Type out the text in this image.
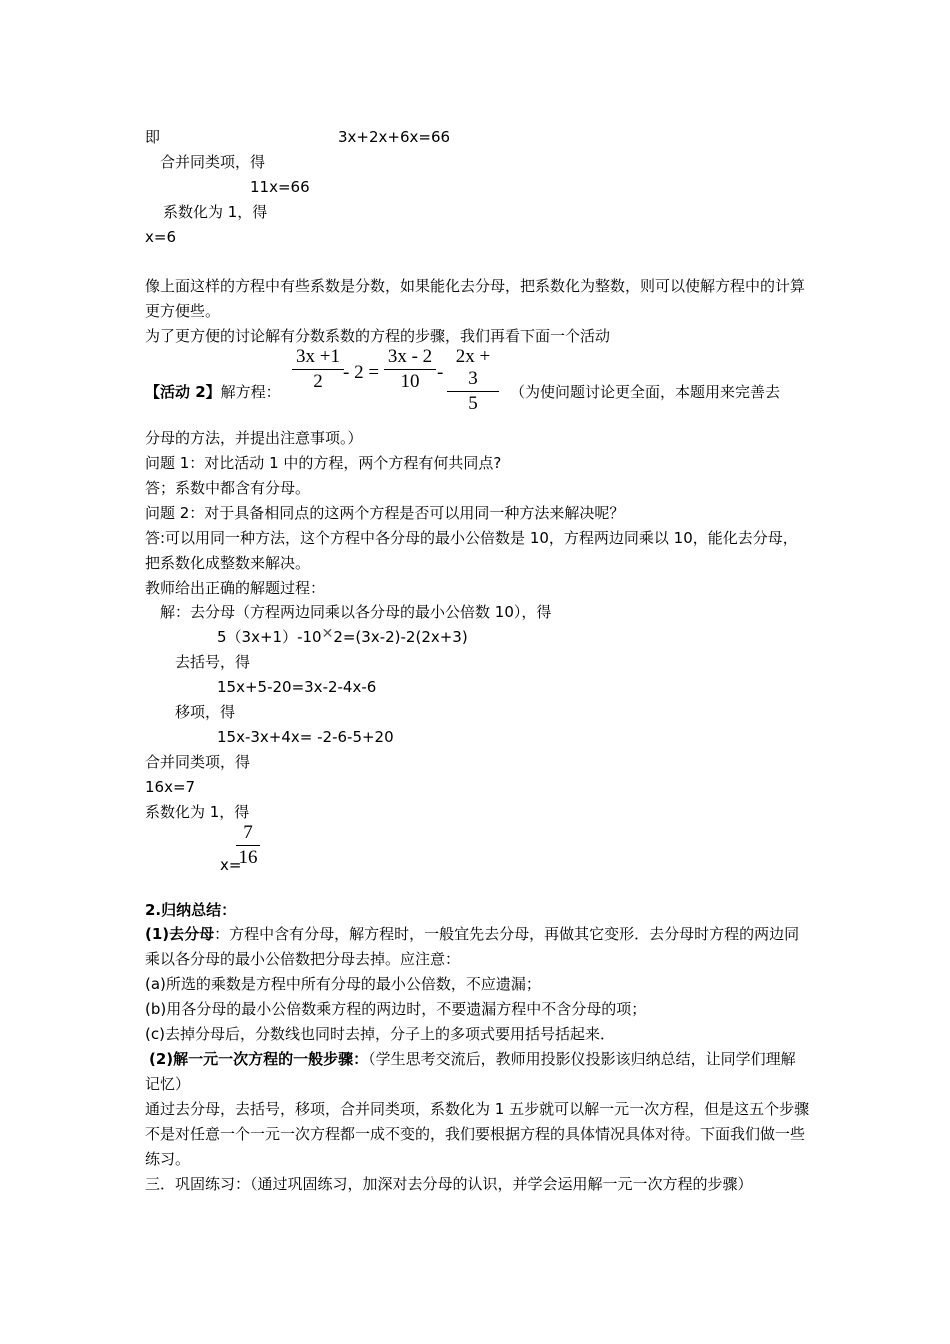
即	3x+2x+6x=66
合并同类项，得
11x=66
系数化为 1，得
x=6
像上面这样的方程中有些系数是分数，如果能化去分母，把系数化为整数，则可以使解方程中的计算更方便些。
为了更方便的讨论解有分数系数的方程的步骤，我们再看下面一个活动
【活动 2】解方程：	（为使问题讨论更全面，本题用来完善去
3x +1
2	- 2 =
3x - 2
10 -
2x + 3
5
分母的方法，并提出注意事项。）
问题 1：对比活动 1 中的方程，两个方程有何共同点?
答；系数中都含有分母。
问题 2：对于具备相同点的这两个方程是否可以用同一种方法来解决呢？
答:可以用同一种方法，这个方程中各分母的最小公倍数是 10，方程两边同乘以 10，能化去分母，把系数化成整数来解决。
教师给出正确的解题过程：
解：去分母（方程两边同乘以各分母的最小公倍数 10），得
5（3x+1）-10✕2=(3x-2)-2(2x+3)
去括号，得
15x+5-20=3x-2-4x-6
移项，得
15x-3x+4x= -2-6-5+20
合并同类项，得
16x=7
系数化为 1，得
x=
7
16
2.归纳总结：
(1)去分母：方程中含有分母，解方程时，一般宜先去分母，再做其它变形．去分母时方程的两边同乘以各分母的最小公倍数把分母去掉。应注意：
(a)所选的乘数是方程中所有分母的最小公倍数，不应遗漏；
(b)用各分母的最小公倍数乘方程的两边时，不要遗漏方程中不含分母的项；
(c)去掉分母后，分数线也同时去掉，分子上的多项式要用括号括起来．
(2)解一元一次方程的一般步骤：（学生思考交流后，教师用投影仪投影该归纳总结，让同学们理解记忆）
通过去分母，去括号，移项，合并同类项，系数化为 1 五步就可以解一元一次方程，但是这五个步骤不是对任意一个一元一次方程都一成不变的，我们要根据方程的具体情况具体对待。下面我们做一些练习。
三．巩固练习：（通过巩固练习，加深对去分母的认识，并学会运用解一元一次方程的步骤）
